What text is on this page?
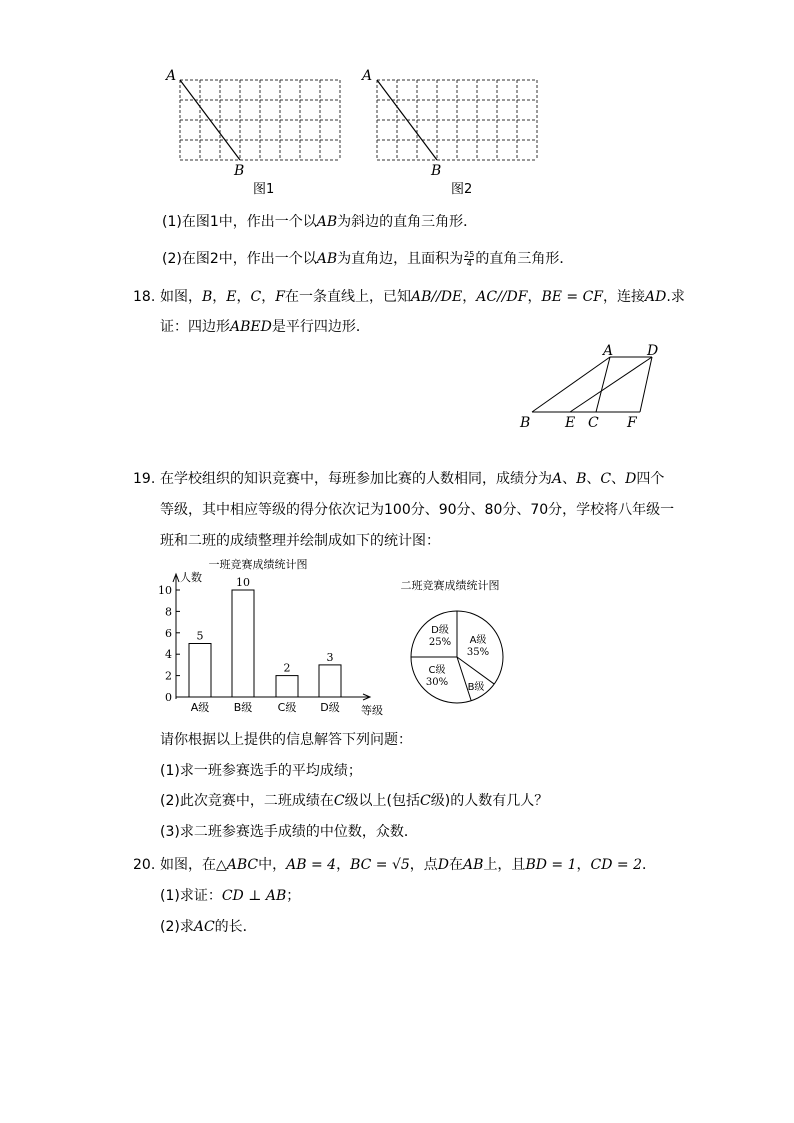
A
B
图1
A
B
图2
(1)在图1中，作出一个以AB为斜边的直角三角形．
(2)在图2中，作出一个以AB为直角边，且面积为 $\frac{25}{4}$ 的直角三角形．
18. 如图，B，E，C，F在一条直线上，已知AB//DE，AC//DF，BE = CF，连接AD.求
证：四边形ABED是平行四边形．
A D
B E C F
19. 在学校组织的知识竞赛中，每班参加比赛的人数相同，成绩分为A、B、C、D四个
等级，其中相应等级的得分依次记为100分、90分、80分、70分，学校将八年级一
班和二班的成绩整理并绘制成如下的统计图：
一班竞赛成绩统计图
人数
等级
0
2
4
6
8
10
5
A级
10
B级
2
C级
3
D级
二班竞赛成绩统计图
A级
35%
B级
C级
30%
D级
25%
请你根据以上提供的信息解答下列问题：
(1)求一班参赛选手的平均成绩；
(2)此次竞赛中，二班成绩在C级以上(包括C级)的人数有几人？
(3)求二班参赛选手成绩的中位数，众数．
20. 如图，在△ABC中，AB = 4，BC = √5，点D在AB上，且BD = 1，CD = 2．
(1)求证：CD ⊥ AB；
(2)求AC的长．
